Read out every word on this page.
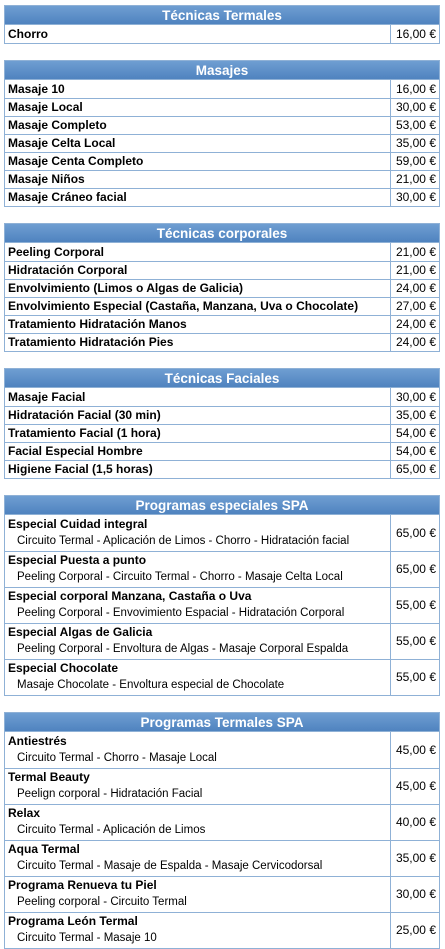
Técnicas Termales
Chorro	16,00 €
Masajes
Masaje 10	16,00 €
Masaje Local	30,00 €
Masaje Completo	53,00 €
Masaje Celta Local	35,00 €
Masaje Centa Completo	59,00 €
Masaje Niños	21,00 €
Masaje Cráneo facial	30,00 €
Técnicas corporales
Peeling Corporal	21,00 €
Hidratación Corporal	21,00 €
Envolvimiento (Limos o Algas de Galicia)	24,00 €
Envolvimiento Especial (Castaña, Manzana, Uva o Chocolate)	27,00 €
Tratamiento Hidratación Manos	24,00 €
Tratamiento Hidratación Pies	24,00 €
Técnicas Faciales
Masaje Facial	30,00 €
Hidratación Facial (30 min)	35,00 €
Tratamiento Facial (1 hora)	54,00 €
Facial Especial Hombre	54,00 €
Higiene Facial (1,5 horas)	65,00 €
Programas especiales SPA
Especial Cuidad integral
Circuito Termal - Aplicación de Limos - Chorro - Hidratación facial	65,00 €

Especial Puesta a punto
Peeling Corporal - Circuito Termal - Chorro - Masaje Celta Local	65,00 €

Especial corporal Manzana, Castaña o Uva
Peeling Corporal - Envovimiento Espacial - Hidratación Corporal	55,00 €

Especial Algas de Galicia
Peeling Corporal - Envoltura de Algas - Masaje Corporal Espalda	55,00 €

Especial Chocolate
Masaje Chocolate - Envoltura especial de Chocolate	55,00 €
Programas Termales SPA
Antiestrés
Circuito Termal - Chorro - Masaje Local	45,00 €

Termal Beauty
Peelign corporal - Hidratación Facial	45,00 €

Relax
Circuito Termal - Aplicación de Limos	40,00 €

Aqua Termal
Circuito Termal - Masaje de Espalda - Masaje Cervicodorsal	35,00 €

Programa Renueva tu Piel
Peeling corporal - Circuito Termal	30,00 €

Programa León Termal
Circuito Termal - Masaje 10	25,00 €
